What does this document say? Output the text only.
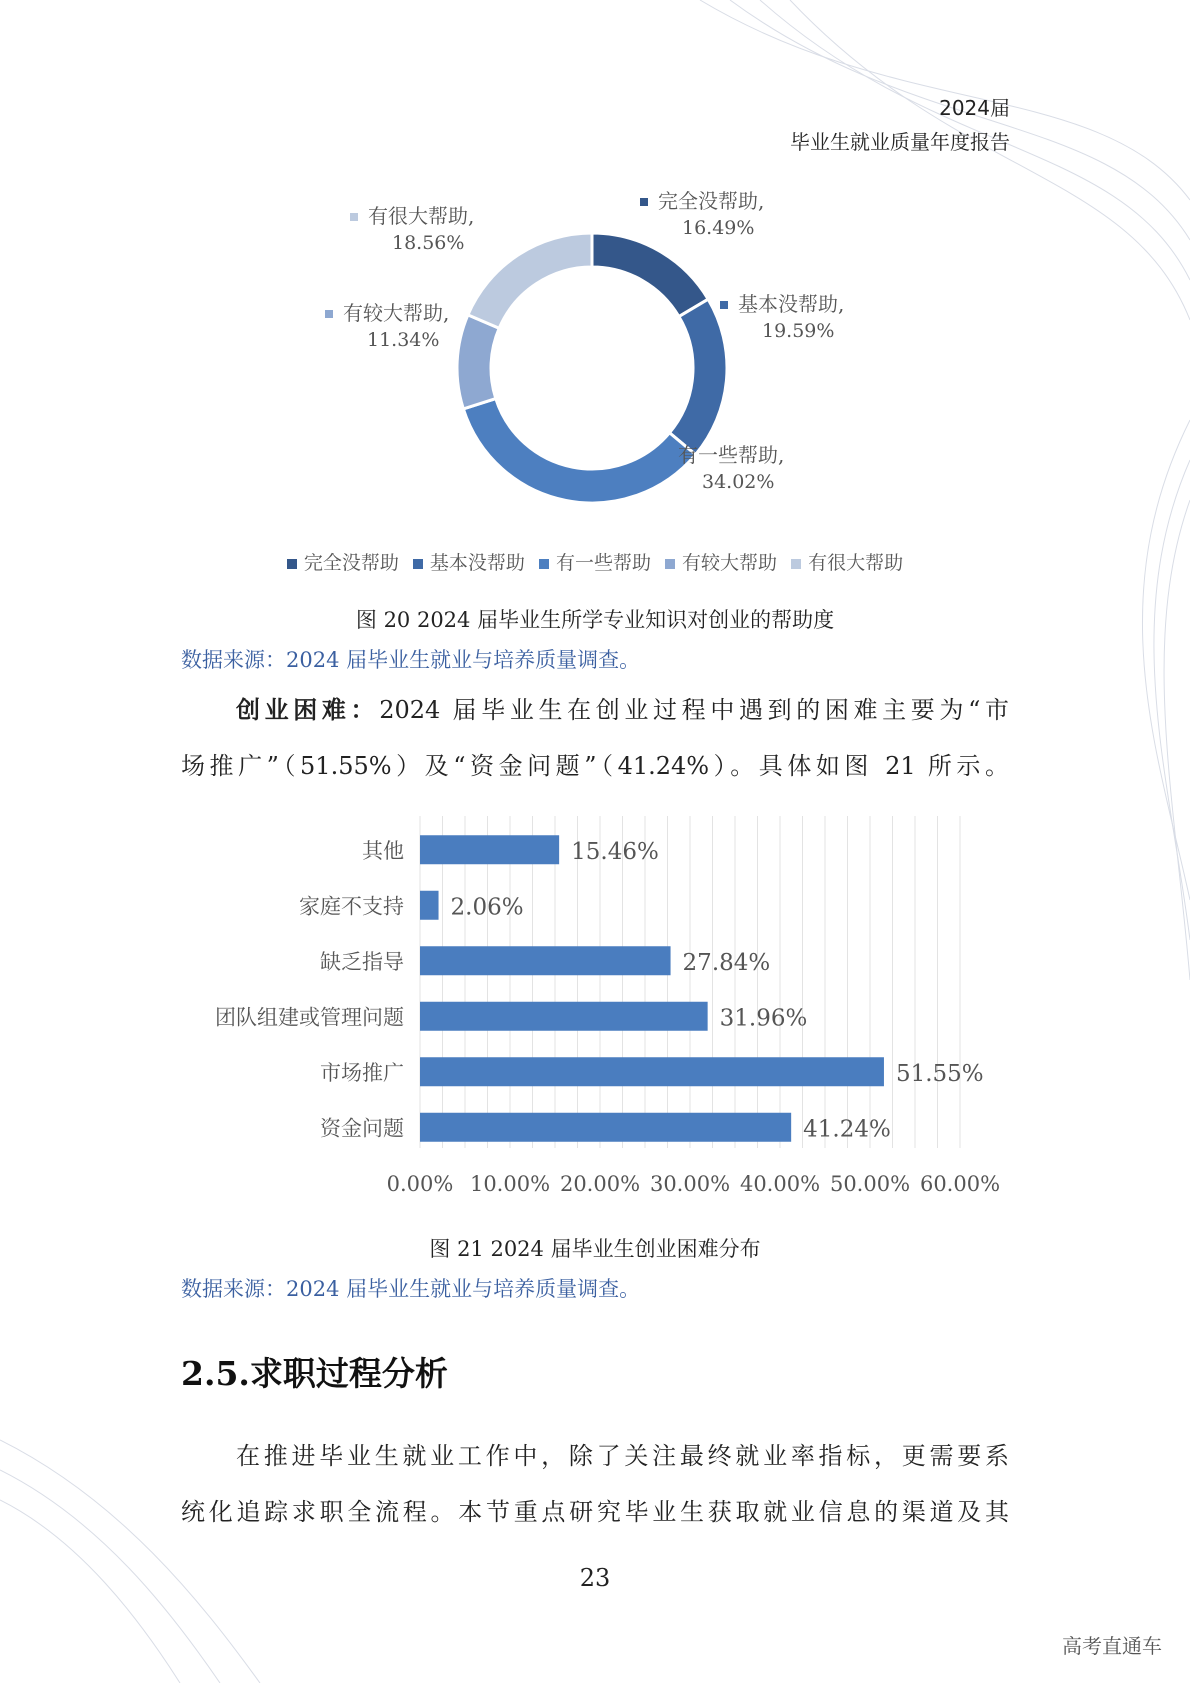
2024届
毕业生就业质量年度报告
完全没帮助,
16.49%
基本没帮助,
19.59%
有一些帮助,
34.02%
有较大帮助,
11.34%
有很大帮助,
18.56%
完全没帮助 基本没帮助 有一些帮助 有较大帮助 有很大帮助
图 20 2024 届毕业生所学专业知识对创业的帮助度
数据来源：2024 届毕业生就业与培养质量调查。
创业困难：2024 届毕业生在创业过程中遇到的困难主要为“市
场推广”（51.55%）及“资金问题”（41.24%）。具体如图 21 所示。
其他	15.46%
家庭不支持 2.06%
缺乏指导	27.84%
团队组建或管理问题	31.96%
市场推广	51.55%
资金问题	41.24%
0.00% 10.00% 20.00% 30.00% 40.00% 50.00% 60.00%
图 21 2024 届毕业生创业困难分布
数据来源：2024 届毕业生就业与培养质量调查。
2.5.求职过程分析
在推进毕业生就业工作中，除了关注最终就业率指标，更需要系
统化追踪求职全流程。本节重点研究毕业生获取就业信息的渠道及其
23
高考直通车
